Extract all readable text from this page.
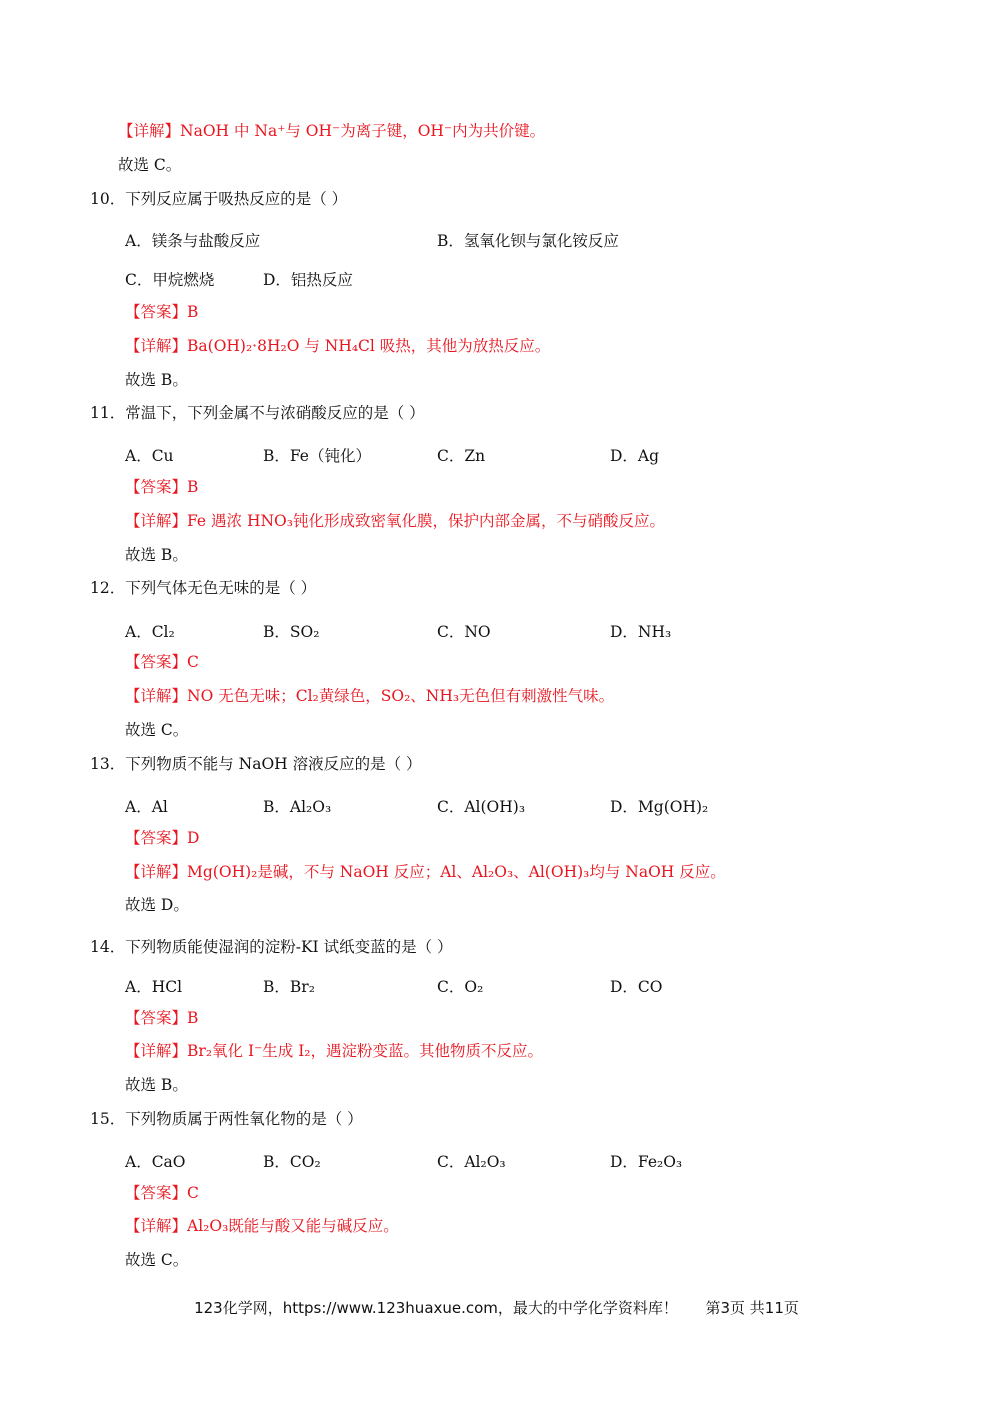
【详解】NaOH 中 Na⁺与 OH⁻为离子键，OH⁻内为共价键。
故选 C。
10．下列反应属于吸热反应的是（ ）
A．镁条与盐酸反应	B．氢氧化钡与氯化铵反应
C．甲烷燃烧	D．铝热反应
【答案】B
【详解】Ba(OH)₂·8H₂O 与 NH₄Cl 吸热，其他为放热反应。
故选 B。
11．常温下，下列金属不与浓硝酸反应的是（ ）
A．Cu	B．Fe（钝化）	C．Zn	D．Ag
【答案】B
【详解】Fe 遇浓 HNO₃钝化形成致密氧化膜，保护内部金属，不与硝酸反应。
故选 B。
12．下列气体无色无味的是（ ）
A．Cl₂	B．SO₂	C．NO	D．NH₃
【答案】C
【详解】NO 无色无味；Cl₂黄绿色，SO₂、NH₃无色但有刺激性气味。
故选 C。
13．下列物质不能与 NaOH 溶液反应的是（ ）
A．Al	B．Al₂O₃	C．Al(OH)₃	D．Mg(OH)₂
【答案】D
【详解】Mg(OH)₂是碱，不与 NaOH 反应；Al、Al₂O₃、Al(OH)₃均与 NaOH 反应。
故选 D。
14．下列物质能使湿润的淀粉-KI 试纸变蓝的是（ ）
A．HCl	B．Br₂	C．O₂	D．CO
【答案】B
【详解】Br₂氧化 I⁻生成 I₂，遇淀粉变蓝。其他物质不反应。
故选 B。
15．下列物质属于两性氧化物的是（ ）
A．CaO	B．CO₂	C．Al₂O₃	D．Fe₂O₃
【答案】C
【详解】Al₂O₃既能与酸又能与碱反应。
故选 C。
123化学网，https://www.123huaxue.com，最大的中学化学资料库！ 第3页 共11页
